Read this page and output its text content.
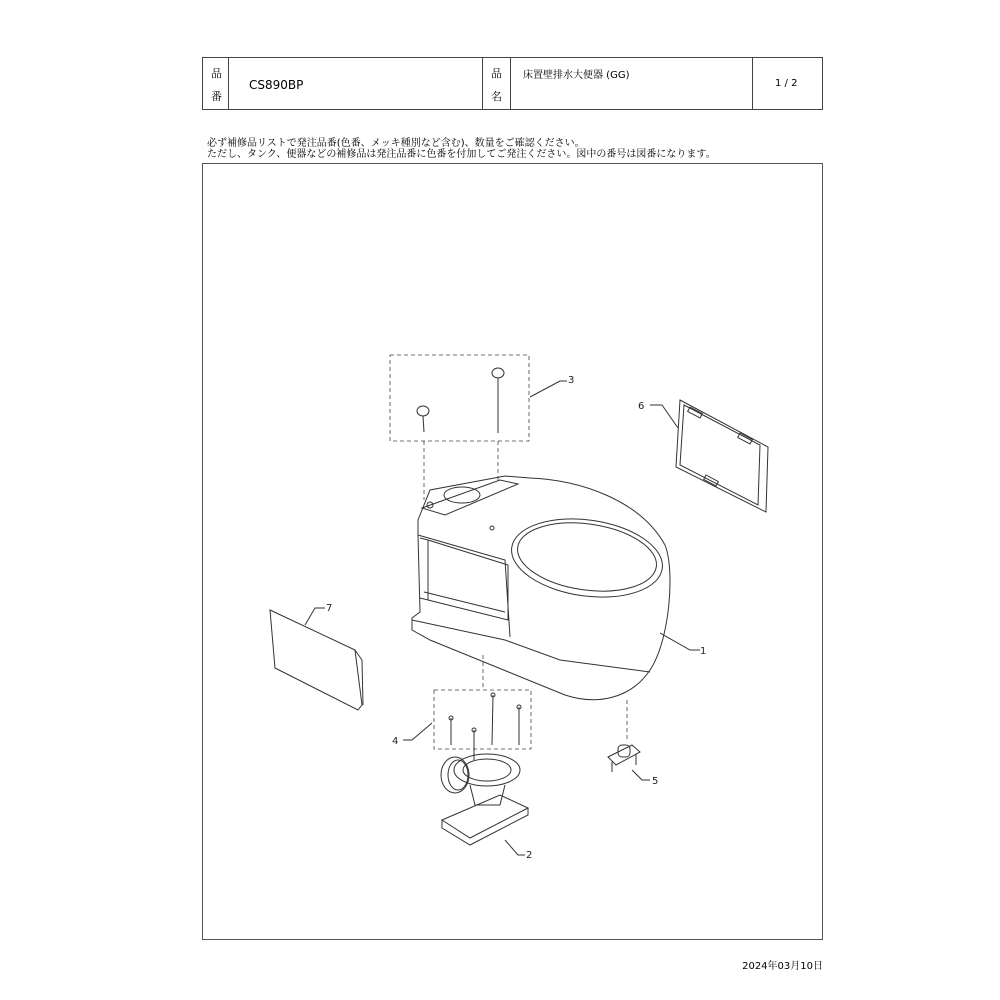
品
番
CS890BP
品
名
床置壁排水大便器 (GG)
1 / 2
必ず補修品リストで発注品番(色番、メッキ種別など含む)、数量をご確認ください。
ただし、タンク、便器などの補修品は発注品番に色番を付加してご発注ください。図中の番号は図番になります。
3
1
6
7
4
2
5
2024年03月10日
